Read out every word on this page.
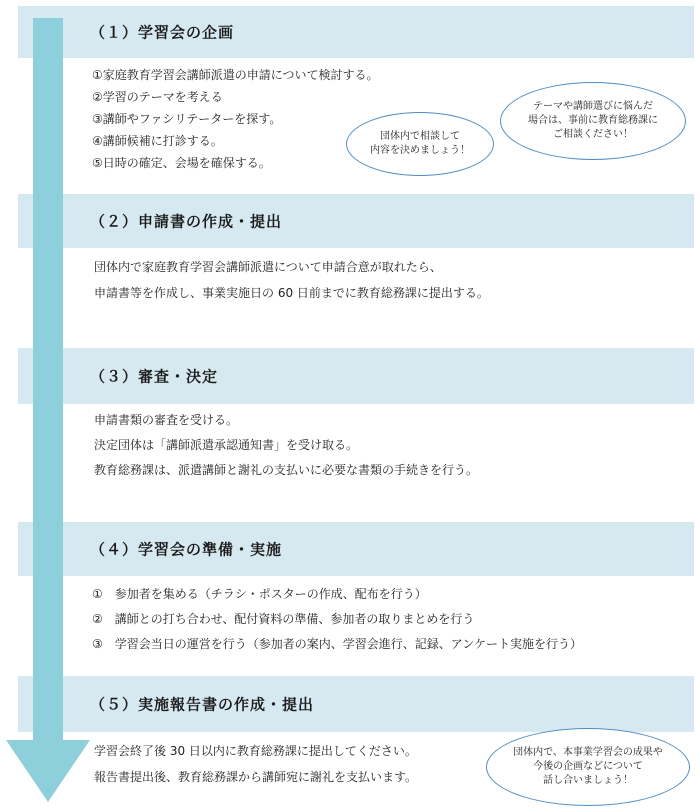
（１）学習会の企画
（２）申請書の作成・提出
（３）審査・決定
（４）学習会の準備・実施
（５）実施報告書の作成・提出
①家庭教育学習会講師派遣の申請について検討する。
②学習のテーマを考える
③講師やファシリテーターを探す。
④講師候補に打診する。
⑤日時の確定、会場を確保する。
団体内で家庭教育学習会講師派遣について申請合意が取れたら、
申請書等を作成し、事業実施日の 60 日前までに教育総務課に提出する。
申請書類の審査を受ける。
決定団体は「講師派遣承認通知書」を受け取る。
教育総務課は、派遣講師と謝礼の支払いに必要な書類の手続きを行う。
①　参加者を集める（チラシ・ポスターの作成、配布を行う）
②　講師との打ち合わせ、配付資料の準備、参加者の取りまとめを行う
③　学習会当日の運営を行う（参加者の案内、学習会進行、記録、アンケート実施を行う）
学習会終了後 30 日以内に教育総務課に提出してください。
報告書提出後、教育総務課から講師宛に謝礼を支払います。
テーマや講師選びに悩んだ
場合は、事前に教育総務課に
ご相談ください！
団体内で相談して
内容を決めましょう！
団体内で、本事業学習会の成果や
今後の企画などについて
話し合いましょう！
